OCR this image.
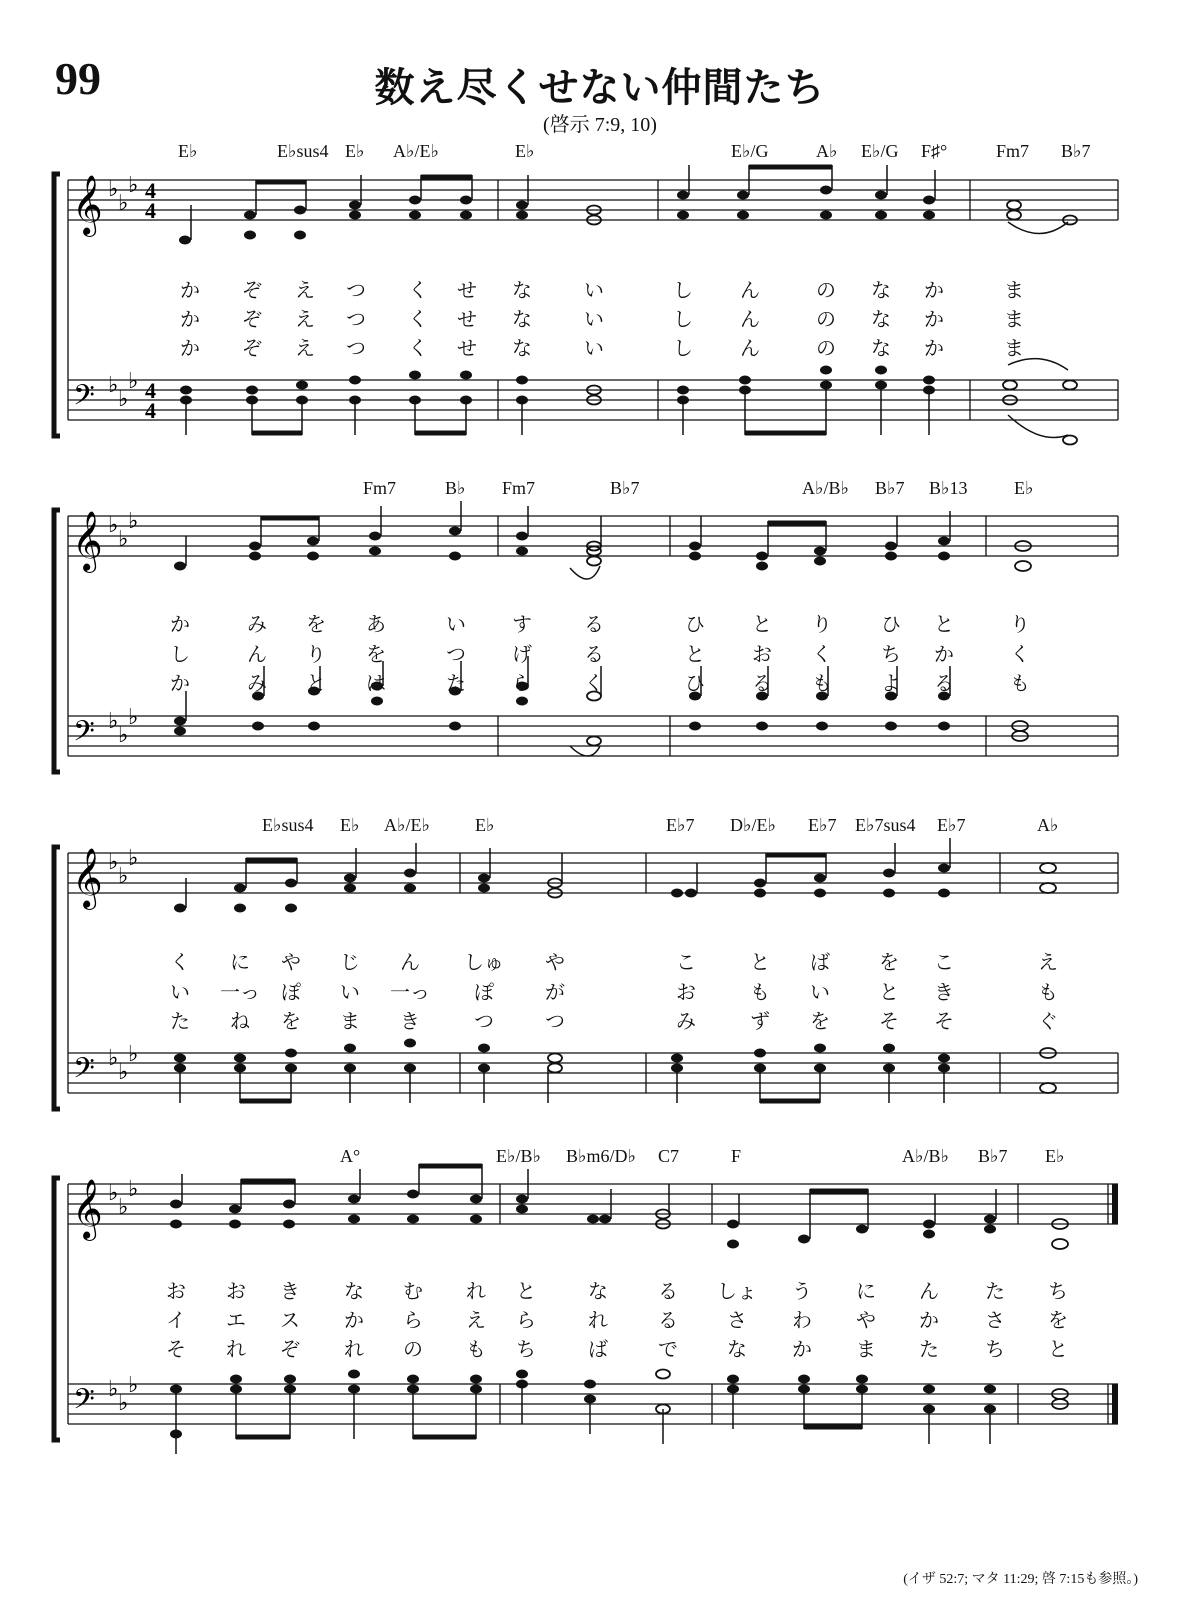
99	数え尽くせない仲間たち
(啓示 7:9, 10)
E♭	E♭sus4 E♭ A♭/E♭	E♭	E♭/G	A♭ E♭/G F♯°	Fm7 B♭7
𝄞
𝄢
♭
♭
♭
♭
♭
♭
4
4
4
4
か ぞ え つ く せ な	い	し ん	の な か	ま
か ぞ え つ く せ な	い	し ん	の な か	ま
か ぞ え つ く せ な	い	し ん	の な か	ま
Fm7	B♭ Fm7	B♭7	A♭/B♭ B♭7 B♭13	E♭
𝄞
𝄢
♭
♭
♭
♭
♭
♭
か	み を あ	い す	る	ひ と り ひ と	り
し	ん り を	つ げ	る	と お く ち か	く
か	み と は	た ら	く	ひ る も よ る	も
E♭sus4 E♭ A♭/E♭	E♭	E♭7 D♭/E♭ E♭7 E♭7sus4 E♭7	A♭
𝄞
𝄢
♭
♭
♭
♭
♭
♭
く に や じ ん しゅ や	こ	と ば を こ	え
い 一っ ぽ い 一っ ぽ	が	お	も い と き	も
た ね を ま き	つ	つ	み	ず を そ そ	ぐ
A°	E♭/B♭ B♭m6/D♭ C7	F	A♭/B♭ B♭7 E♭
𝄞
𝄢
♭
♭
♭
♭
♭
♭
お お き な む れ と	な	る しょ う に ん た ち
イ エ ス か ら え ら	れ	る さ わ や か さ を
そ れ ぞ れ の も ち	ば	で な か ま た ち と
(イザ 52:7; マタ 11:29; 啓 7:15も参照。)
